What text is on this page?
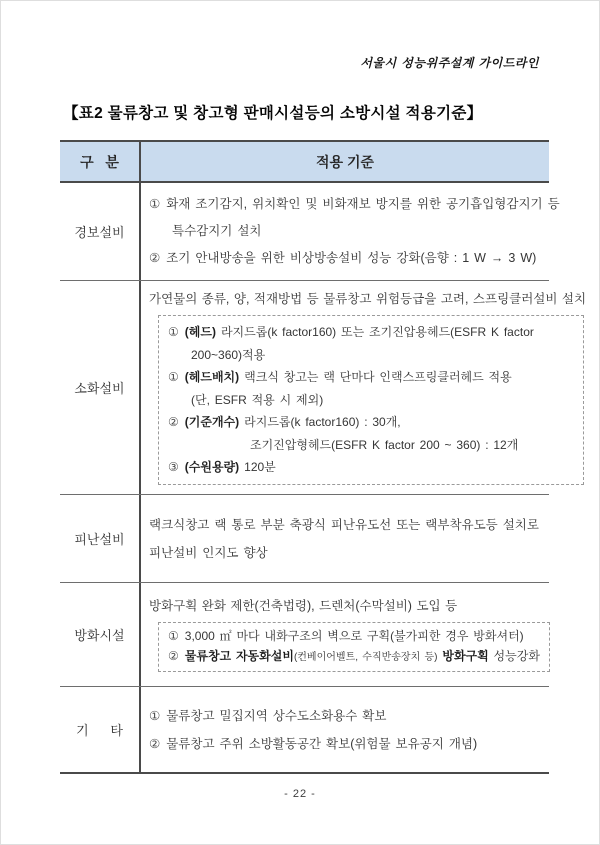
서울시 성능위주설계 가이드라인
【표2 물류창고 및 창고형 판매시설등의 소방시설 적용기준】
구   분	적용 기준
경보설비
① 화재 조기감지, 위치확인 및 비화재보 방지를 위한 공기흡입형감지기 등
특수감지기 설치
② 조기 안내방송을 위한 비상방송설비 성능 강화(음향 : 1 W → 3 W)
소화설비
가연물의 종류, 양, 적재방법 등 물류창고 위험등급을 고려, 스프링클러설비 설치
① (헤드) 라지드롭(k factor160) 또는 조기진압용헤드(ESFR K factor
200~360)적용
① (헤드배치) 랙크식 창고는 랙 단마다 인랙스프링클러헤드 적용
(단, ESFR 적용 시 제외)
② (기준개수) 라지드롭(k factor160) : 30개,
조기진압형헤드(ESFR K factor 200 ~ 360) : 12개
③ (수원용량) 120분
피난설비
랙크식창고 랙 통로 부분 축광식 피난유도선 또는 랙부착유도등 설치로
피난설비 인지도 향상
방화시설
방화구획 완화 제한(건축법령), 드렌처(수막설비) 도입 등
① 3,000 ㎡ 마다 내화구조의 벽으로 구획(불가피한 경우 방화셔터)
② 물류창고 자동화설비(컨베이어벨트, 수직반송장치 등) 방화구획 성능강화
기      타
① 물류창고 밀집지역 상수도소화용수 확보
② 물류창고 주위 소방활동공간 확보(위험물 보유공지 개념)
- 22 -
